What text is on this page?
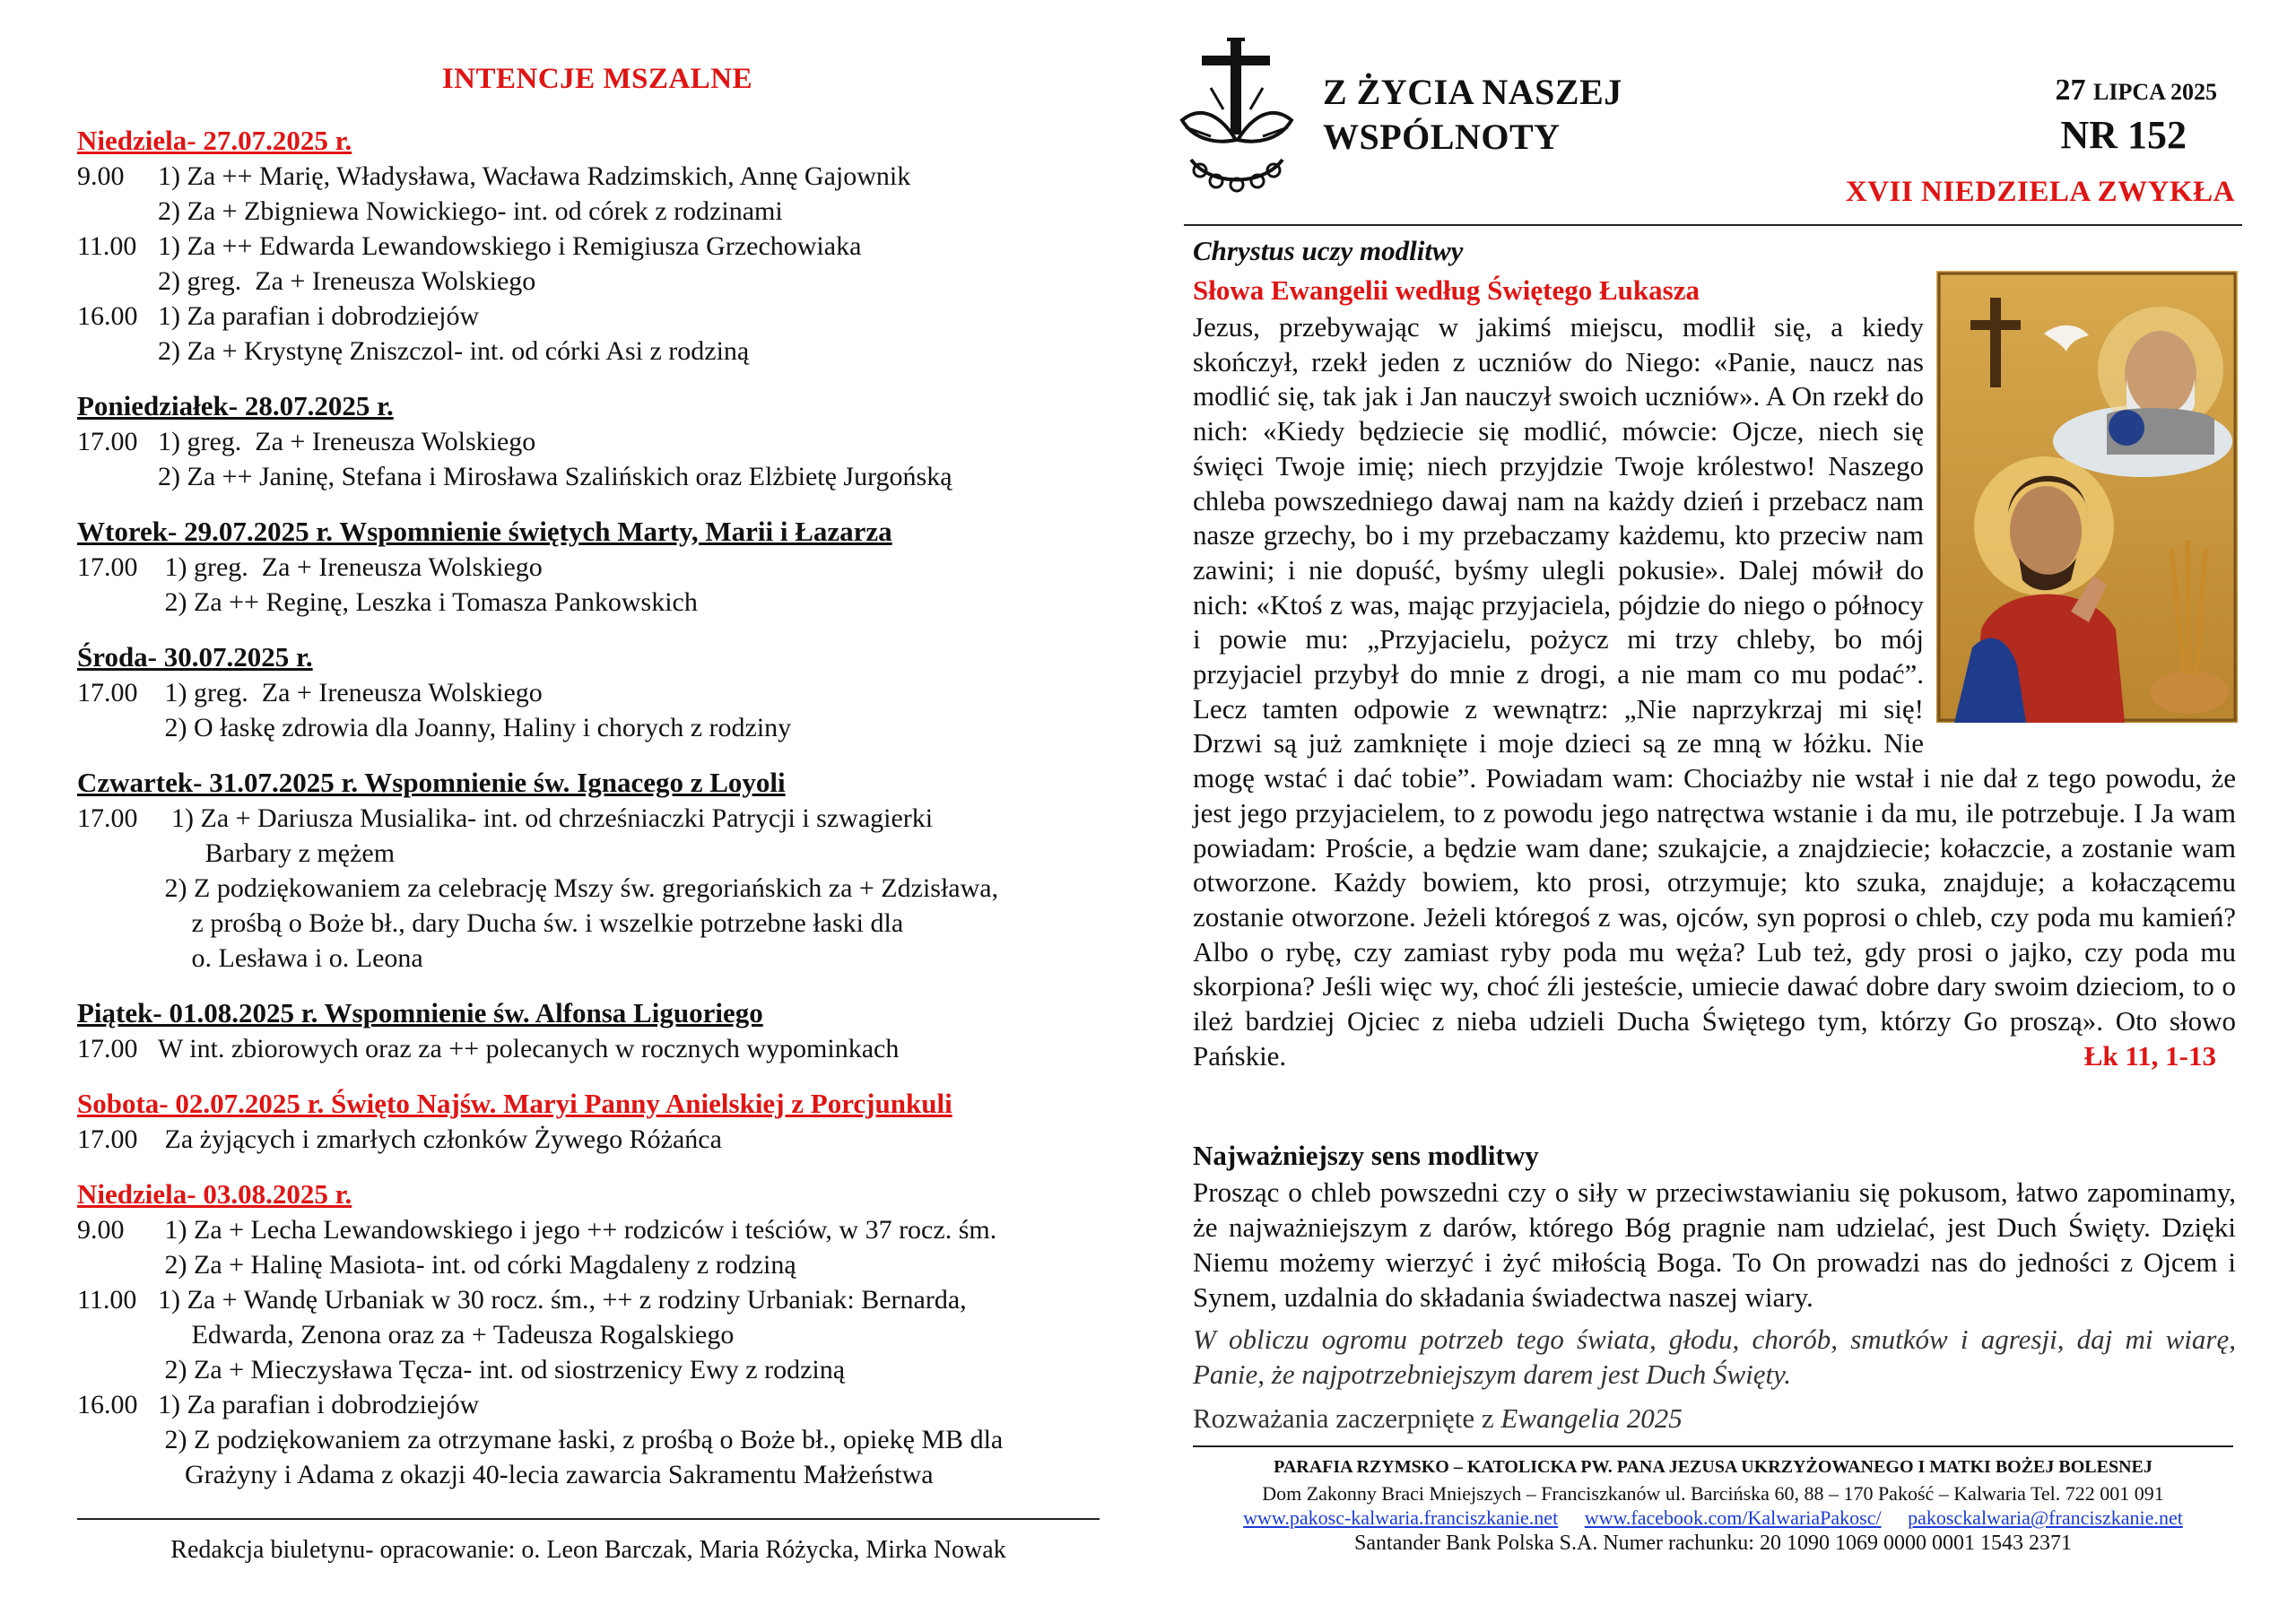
INTENCJE MSZALNE
Niedziela- 27.07.2025 r.
9.00 1) Za ++ Marię, Władysława, Wacława Radzimskich, Annę Gajownik
2) Za + Zbigniewa Nowickiego- int. od córek z rodzinami
11.00 1) Za ++ Edwarda Lewandowskiego i Remigiusza Grzechowiaka
2) greg.  Za + Ireneusza Wolskiego
16.00 1) Za parafian i dobrodziejów
2) Za + Krystynę Zniszczol- int. od córki Asi z rodziną
Poniedziałek- 28.07.2025 r.
17.00 1) greg.  Za + Ireneusza Wolskiego
2) Za ++ Janinę, Stefana i Mirosława Szalińskich oraz Elżbietę Jurgońską
Wtorek- 29.07.2025 r. Wspomnienie świętych Marty, Marii i Łazarza
17.00 1) greg.  Za + Ireneusza Wolskiego
2) Za ++ Reginę, Leszka i Tomasza Pankowskich
Środa- 30.07.2025 r.
17.00 1) greg.  Za + Ireneusza Wolskiego
2) O łaskę zdrowia dla Joanny, Haliny i chorych z rodziny
Czwartek- 31.07.2025 r. Wspomnienie św. Ignacego z Loyoli
17.00  1) Za + Dariusza Musialika- int. od chrześniaczki Patrycji i szwagierki
Barbary z mężem
2) Z podziękowaniem za celebrację Mszy św. gregoriańskich za + Zdzisława,
z prośbą o Boże bł., dary Ducha św. i wszelkie potrzebne łaski dla
o. Lesława i o. Leona
Piątek- 01.08.2025 r. Wspomnienie św. Alfonsa Liguoriego
17.00 W int. zbiorowych oraz za ++ polecanych w rocznych wypominkach
Sobota- 02.07.2025 r. Święto Najśw. Maryi Panny Anielskiej z Porcjunkuli
17.00 Za żyjących i zmarłych członków Żywego Różańca
Niedziela- 03.08.2025 r.
9.00 1) Za + Lecha Lewandowskiego i jego ++ rodziców i teściów, w 37 rocz. śm.
2) Za + Halinę Masiota- int. od córki Magdaleny z rodziną
11.00 1) Za + Wandę Urbaniak w 30 rocz. śm., ++ z rodziny Urbaniak: Bernarda,
Edwarda, Zenona oraz za + Tadeusza Rogalskiego
2) Za + Mieczysława Tęcza- int. od siostrzenicy Ewy z rodziną
16.00 1) Za parafian i dobrodziejów
2) Z podziękowaniem za otrzymane łaski, z prośbą o Boże bł., opiekę MB dla
Grażyny i Adama z okazji 40-lecia zawarcia Sakramentu Małżeństwa
Redakcja biuletynu- opracowanie: o. Leon Barczak, Maria Różycka, Mirka Nowak
Z ŻYCIA NASZEJ
WSPÓLNOTY
27 LIPCA 2025
NR 152
XVII NIEDZIELA ZWYKŁA

Chrystus uczy modlitwy

Słowa Ewangelii według Świętego Łukasza

Jezus, przebywając w jakimś miejscu, modlił się, a kiedy skończył, rzekł jeden z uczniów do Niego: «Panie, naucz nas modlić się, tak jak i Jan nauczył swoich uczniów». A On rzekł do nich: «Kiedy będziecie się modlić, mówcie: Ojcze, niech się święci Twoje imię; niech przyjdzie Twoje królestwo! Naszego chleba powszedniego dawaj nam na każdy dzień i przebacz nam nasze grzechy, bo i my przebaczamy każdemu, kto przeciw nam zawini; i nie dopuść, byśmy ulegli pokusie». Dalej mówił do nich: «Ktoś z was, mając przyjaciela, pójdzie do niego o północy i powie mu: „Przyjacielu, pożycz mi trzy chleby, bo mój przyjaciel przybył do mnie z drogi, a nie mam co mu podać”. Lecz tamten odpowie z wewnątrz: „Nie naprzykrzaj mi się! Drzwi są już zamknięte i moje dzieci są ze mną w łóżku. Nie mogę wstać i dać tobie”. Powiadam wam: Chociażby nie wstał i nie dał z tego powodu, że jest jego przyjacielem, to z powodu jego natręctwa wstanie i da mu, ile potrzebuje. I Ja wam powiadam: Proście, a będzie wam dane; szukajcie, a znajdziecie; kołaczcie, a zostanie wam otworzone. Każdy bowiem, kto prosi, otrzymuje; kto szuka, znajduje; a kołaczącemu zostanie otworzone. Jeżeli któregoś z was, ojców, syn poprosi o chleb, czy poda mu kamień? Albo o rybę, czy zamiast ryby poda mu węża? Lub też, gdy prosi o jajko, czy poda mu skorpiona? Jeśli więc wy, choć źli jesteście, umiecie dawać dobre dary swoim dzieciom, to o ileż bardziej Ojciec z nieba udzieli Ducha Świętego tym, którzy Go proszą». Oto słowo Pańskie.	Łk 11, 1-13
Najważniejszy sens modlitwy

Prosząc o chleb powszedni czy o siły w przeciwstawianiu się pokusom, łatwo zapominamy, że najważniejszym z darów, którego Bóg pragnie nam udzielać, jest Duch Święty. Dzięki Niemu możemy wierzyć i żyć miłością Boga. To On prowadzi nas do jedności z Ojcem i Synem, uzdalnia do składania świadectwa naszej wiary.

W obliczu ogromu potrzeb tego świata, głodu, chorób, smutków i agresji, daj mi wiarę, Panie, że najpotrzebniejszym darem jest Duch Święty.

Rozważania zaczerpnięte z Ewangelia 2025

PARAFIA RZYMSKO – KATOLICKA PW. PANA JEZUSA UKRZYŻOWANEGO I MATKI BOŻEJ BOLESNEJ
Dom Zakonny Braci Mniejszych – Franciszkanów ul. Barcińska 60, 88 – 170 Pakość – Kalwaria Tel. 722 001 091
www.pakosc-kalwaria.franciszkanie.net www.facebook.com/KalwariaPakosc/ pakosckalwaria@franciszkanie.net
Santander Bank Polska S.A. Numer rachunku: 20 1090 1069 0000 0001 1543 2371
